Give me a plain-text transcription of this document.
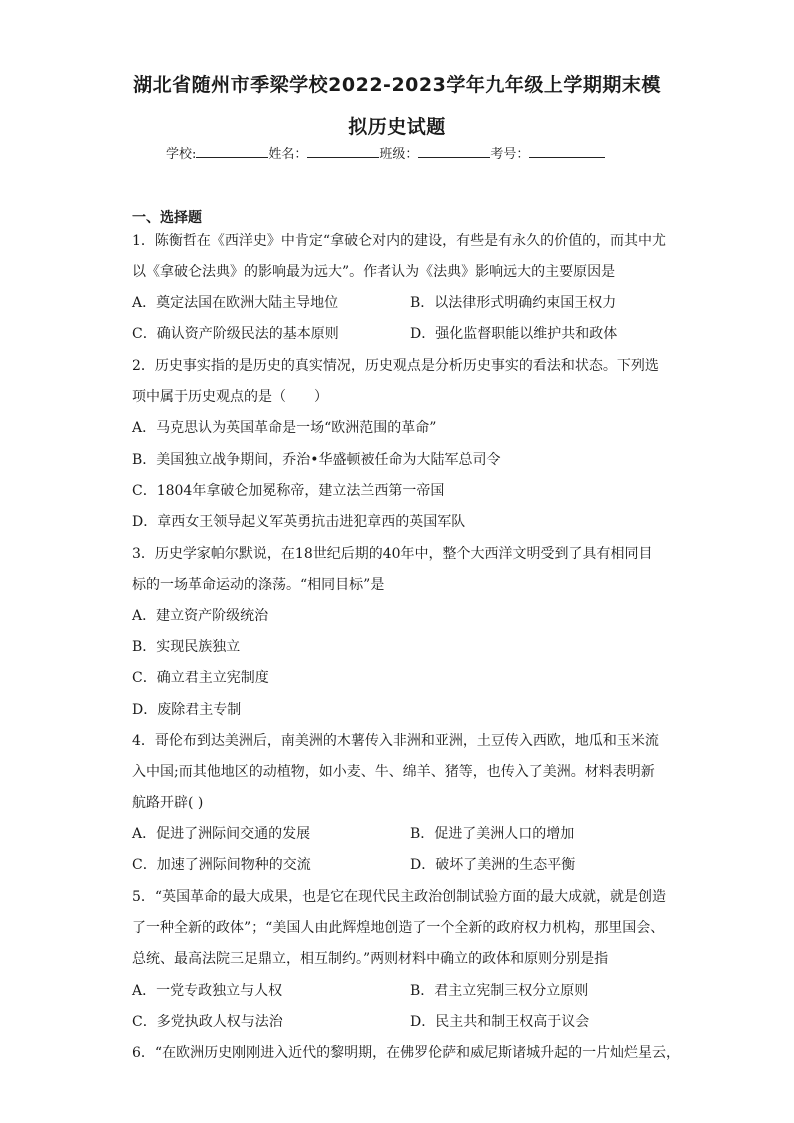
湖北省随州市季梁学校2022-2023学年九年级上学期期末模
拟历史试题
学校:	姓名：	班级：	考号：
一、选择题
1．陈衡哲在《西洋史》中肯定“拿破仑对内的建设，有些是有永久的价值的，而其中尤
以《拿破仑法典》的影响最为远大”。作者认为《法典》影响远大的主要原因是
A．奠定法国在欧洲大陆主导地位	B．以法律形式明确约束国王权力
C．确认资产阶级民法的基本原则	D．强化监督职能以维护共和政体
2．历史事实指的是历史的真实情况，历史观点是分析历史事实的看法和状态。下列选
项中属于历史观点的是（　　）
A．马克思认为英国革命是一场“欧洲范围的革命”
B．美国独立战争期间，乔治•华盛顿被任命为大陆军总司令
C．1804年拿破仑加冕称帝，建立法兰西第一帝国
D．章西女王领导起义军英勇抗击进犯章西的英国军队
3．历史学家帕尔默说，在18世纪后期的40年中，整个大西洋文明受到了具有相同目
标的一场革命运动的涤荡。“相同目标”是
A．建立资产阶级统治
B．实现民族独立
C．确立君主立宪制度
D．废除君主专制
4．哥伦布到达美洲后，南美洲的木薯传入非洲和亚洲，土豆传入西欧，地瓜和玉米流
入中国;而其他地区的动植物，如小麦、牛、绵羊、猪等，也传入了美洲。材料表明新
航路开辟( )
A．促进了洲际间交通的发展	B．促进了美洲人口的增加
C．加速了洲际间物种的交流	D．破坏了美洲的生态平衡
5．“英国革命的最大成果，也是它在现代民主政治创制试验方面的最大成就，就是创造
了一种全新的政体”；“美国人由此辉煌地创造了一个全新的政府权力机构，那里国会、
总统、最高法院三足鼎立，相互制约。”两则材料中确立的政体和原则分别是指
A．一党专政独立与人权	B．君主立宪制三权分立原则
C．多党执政人权与法治	D．民主共和制王权高于议会
6．“在欧洲历史刚刚进入近代的黎明期，在佛罗伦萨和威尼斯诸城升起的一片灿烂星云，
